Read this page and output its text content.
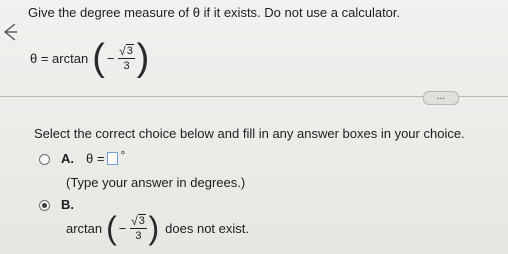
Give the degree measure of θ if it exists. Do not use a calculator.
θ = arctan ( − $\frac{√ 3}{3}$ )
...
Select the correct choice below and fill in any answer boxes in your choice.
A. θ = °
(Type your answer in degrees.)
B.
arctan ( − $\frac{√ 3}{3}$ ) does not exist.
